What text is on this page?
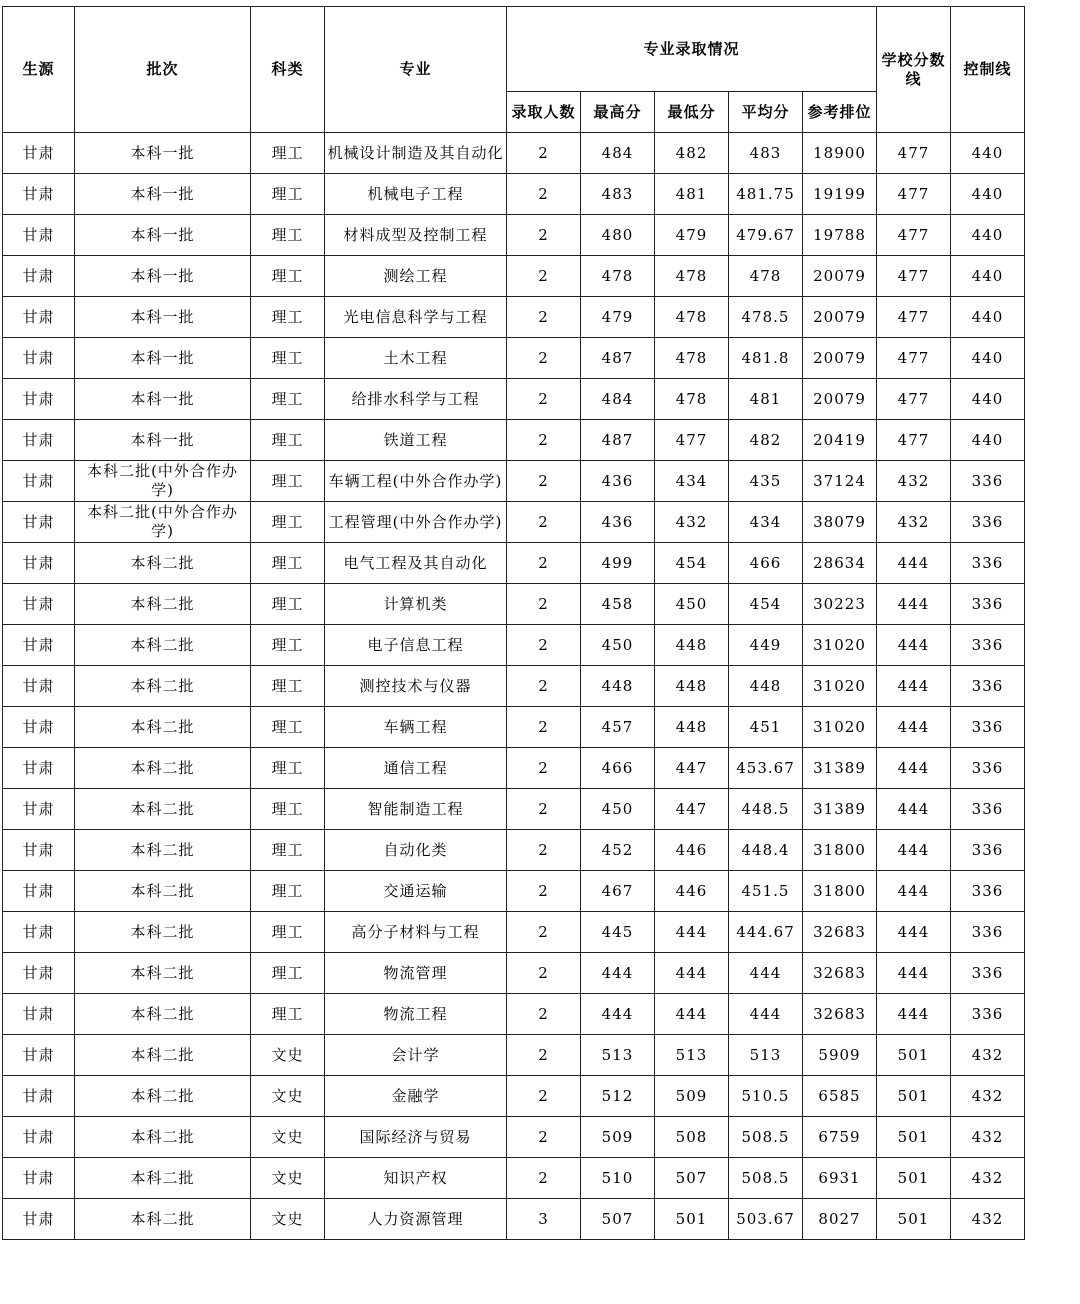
生源	批次	科类	专业	专业录取情况					学校分数线	控制线
				录取人数	最高分	最低分	平均分	参考排位		
甘肃	本科一批	理工	机械设计制造及其自动化	2	484	482	483	18900	477	440
甘肃	本科一批	理工	机械电子工程	2	483	481	481.75	19199	477	440
甘肃	本科一批	理工	材料成型及控制工程	2	480	479	479.67	19788	477	440
甘肃	本科一批	理工	测绘工程	2	478	478	478	20079	477	440
甘肃	本科一批	理工	光电信息科学与工程	2	479	478	478.5	20079	477	440
甘肃	本科一批	理工	土木工程	2	487	478	481.8	20079	477	440
甘肃	本科一批	理工	给排水科学与工程	2	484	478	481	20079	477	440
甘肃	本科一批	理工	铁道工程	2	487	477	482	20419	477	440
甘肃	本科二批(中外合作办学)	理工	车辆工程(中外合作办学)	2	436	434	435	37124	432	336
甘肃	本科二批(中外合作办学)	理工	工程管理(中外合作办学)	2	436	432	434	38079	432	336
甘肃	本科二批	理工	电气工程及其自动化	2	499	454	466	28634	444	336
甘肃	本科二批	理工	计算机类	2	458	450	454	30223	444	336
甘肃	本科二批	理工	电子信息工程	2	450	448	449	31020	444	336
甘肃	本科二批	理工	测控技术与仪器	2	448	448	448	31020	444	336
甘肃	本科二批	理工	车辆工程	2	457	448	451	31020	444	336
甘肃	本科二批	理工	通信工程	2	466	447	453.67	31389	444	336
甘肃	本科二批	理工	智能制造工程	2	450	447	448.5	31389	444	336
甘肃	本科二批	理工	自动化类	2	452	446	448.4	31800	444	336
甘肃	本科二批	理工	交通运输	2	467	446	451.5	31800	444	336
甘肃	本科二批	理工	高分子材料与工程	2	445	444	444.67	32683	444	336
甘肃	本科二批	理工	物流管理	2	444	444	444	32683	444	336
甘肃	本科二批	理工	物流工程	2	444	444	444	32683	444	336
甘肃	本科二批	文史	会计学	2	513	513	513	5909	501	432
甘肃	本科二批	文史	金融学	2	512	509	510.5	6585	501	432
甘肃	本科二批	文史	国际经济与贸易	2	509	508	508.5	6759	501	432
甘肃	本科二批	文史	知识产权	2	510	507	508.5	6931	501	432
甘肃	本科二批	文史	人力资源管理	3	507	501	503.67	8027	501	432
